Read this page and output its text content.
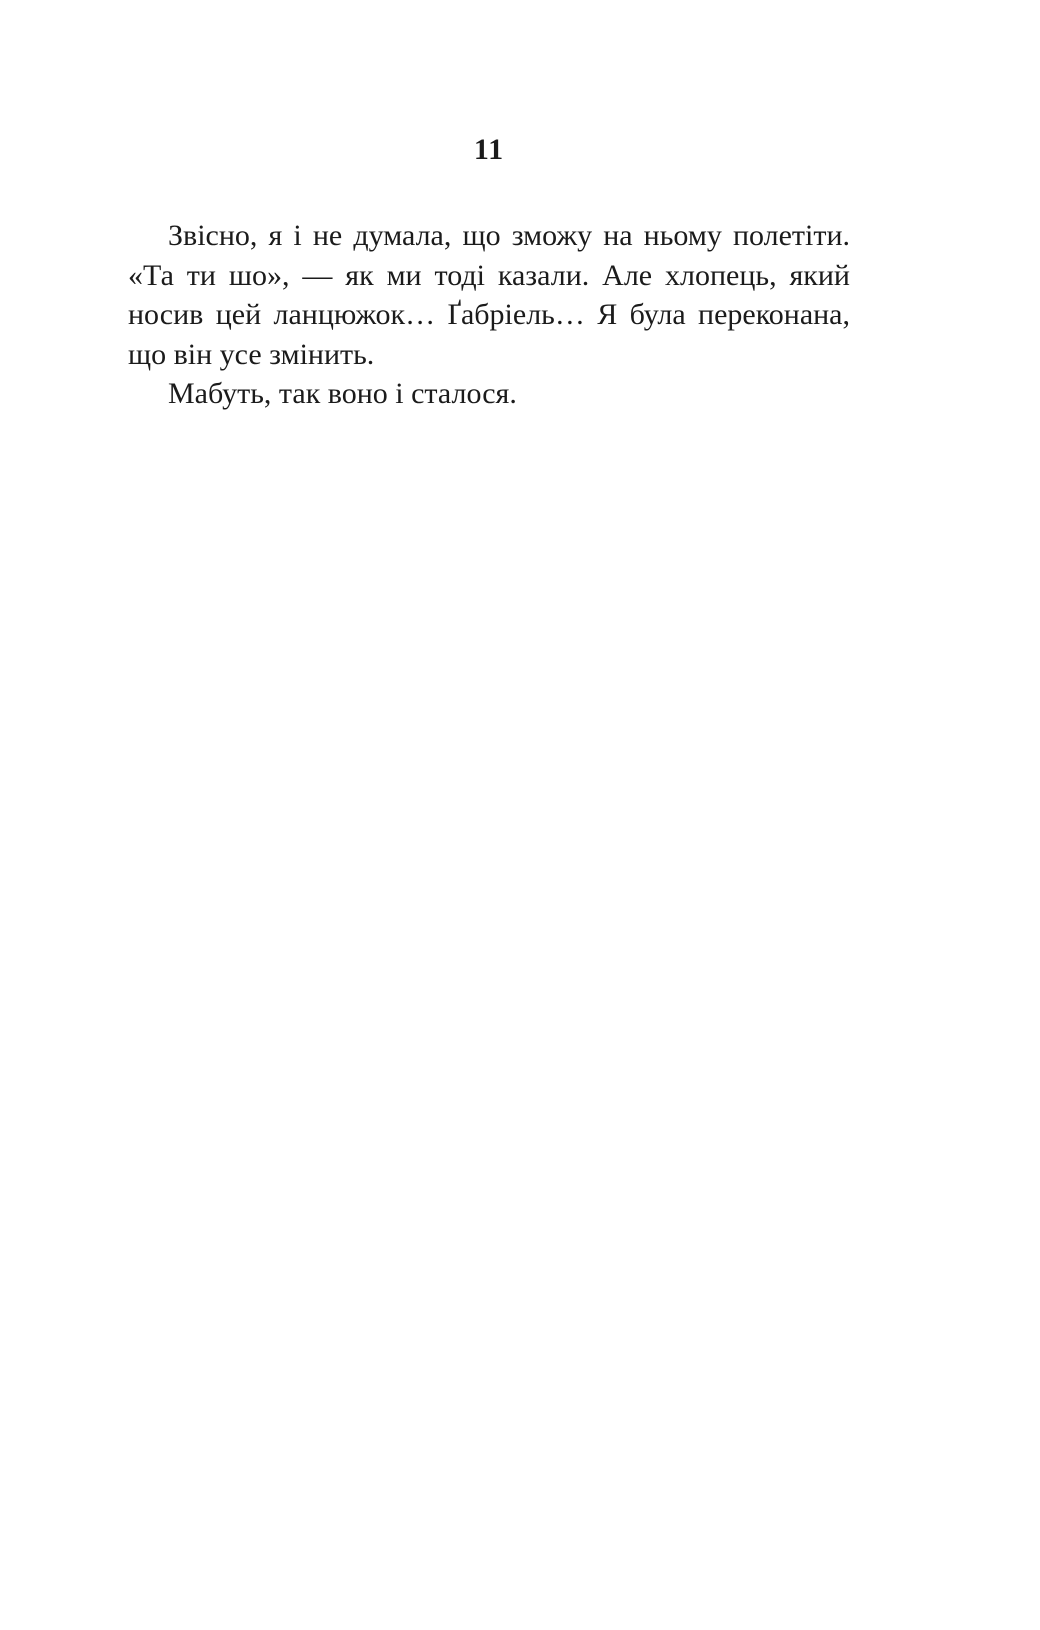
11
Звісно, я і не думала, що зможу на ньому полетіти.
«Та ти шо», — як ми тоді казали. Але хлопець, який
носив цей ланцюжок… Ґабріель… Я була переконана,
що він усе змінить.
Мабуть, так воно і сталося.
